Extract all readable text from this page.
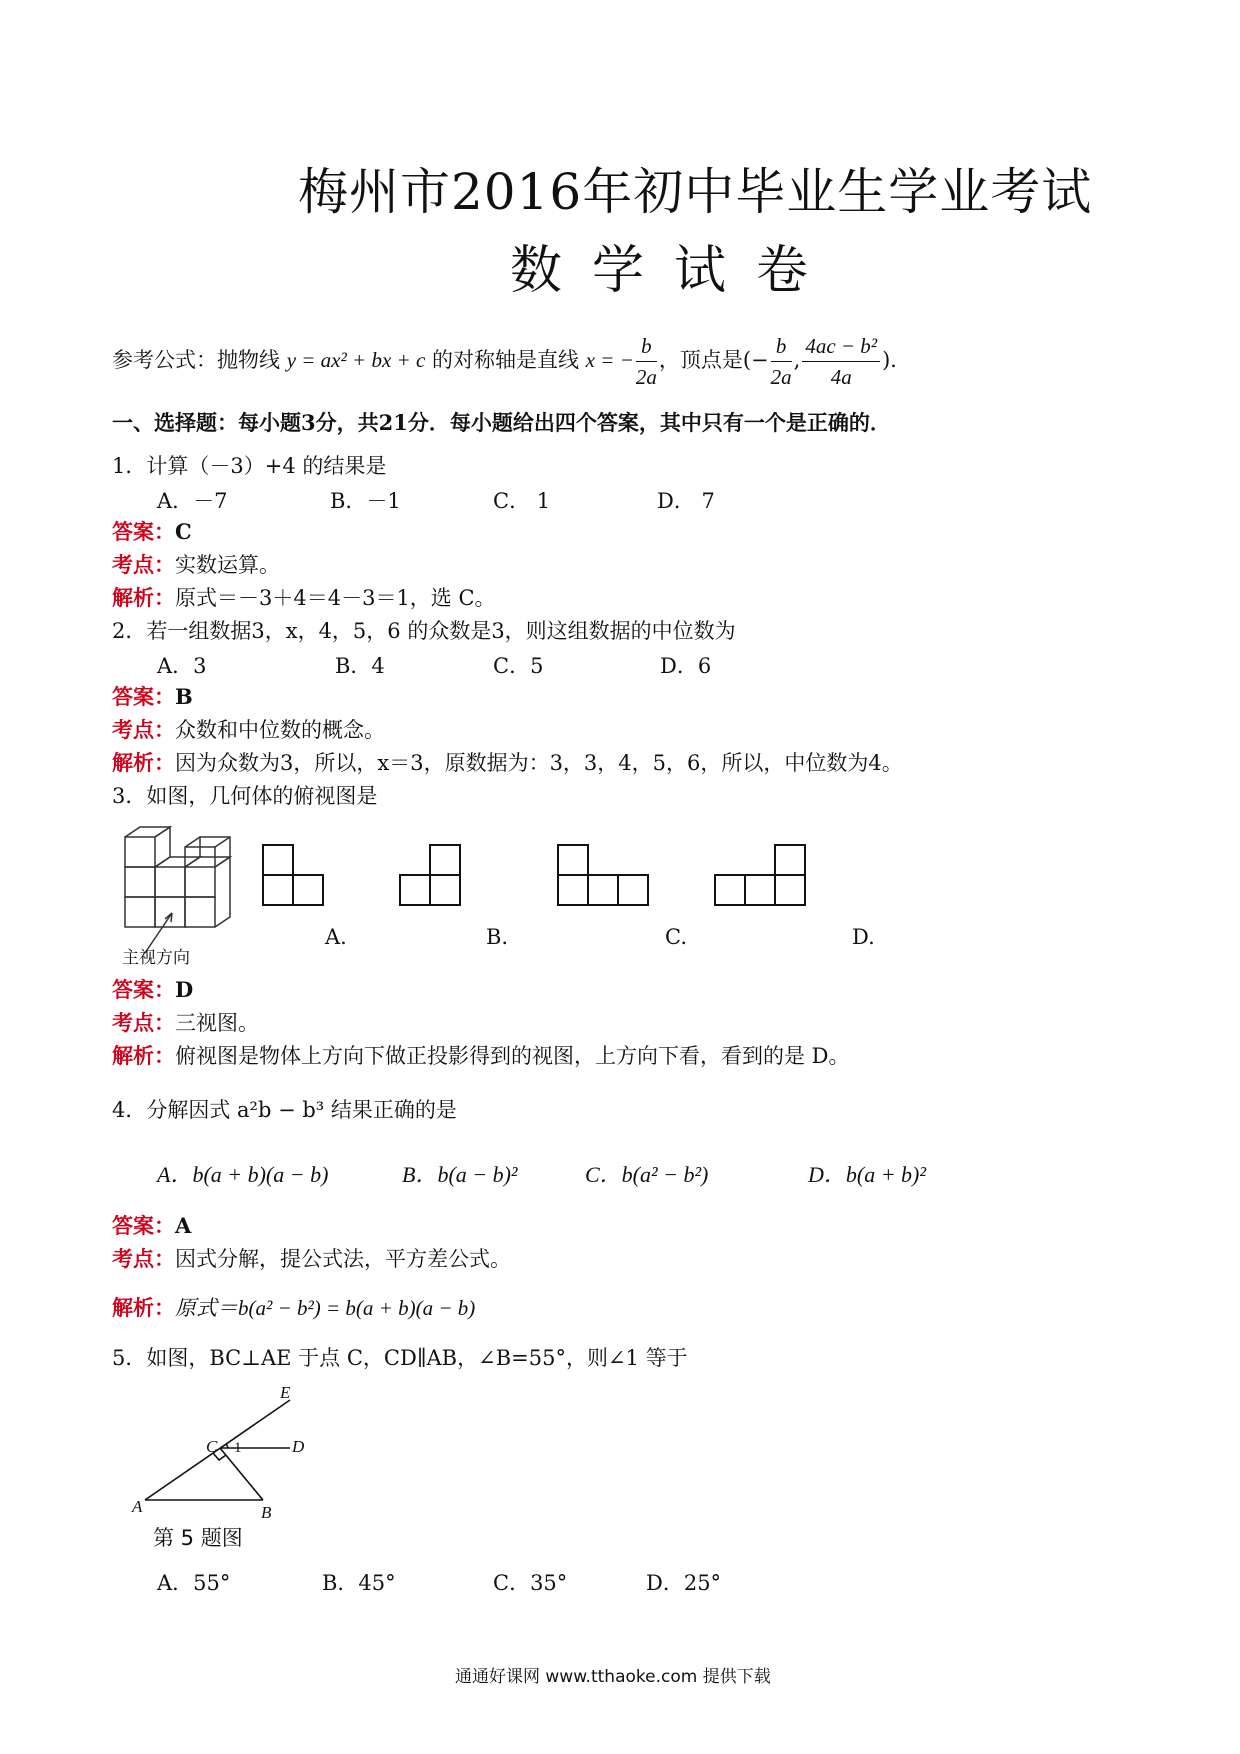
梅州市2016年初中毕业生学业考试
数学试卷
参考公式：抛物线 y = ax² + bx + c 的对称轴是直线 x = − $\frac{b}{2a}$ ，顶点是(− $\frac{b}{2a}$ , $\frac{\text{4ac − b²}}{4a}$ )．
一、选择题：每小题3分，共21分．每小题给出四个答案，其中只有一个是正确的．
1．计算（－3）+4 的结果是
A．－7	B．－1	C． 1	D． 7
答案：C
考点：实数运算。
解析：原式＝－3＋4＝4－3＝1，选 C。
2．若一组数据3，x，4，5，6 的众数是3，则这组数据的中位数为
A．3	B．4	C．5	D．6
答案：B
考点：众数和中位数的概念。
解析：因为众数为3，所以，x＝3，原数据为：3，3，4，5，6，所以，中位数为4。
3．如图，几何体的俯视图是
主视方向
A.	B.	C.	D.
答案：D
考点：三视图。
解析：俯视图是物体上方向下做正投影得到的视图，上方向下看，看到的是 D。
4．分解因式 a²b − b³ 结果正确的是
A．b(a + b)(a − b)	B．b(a − b)²	C．b(a² − b²)	D．b(a + b)²
答案：A
考点：因式分解，提公式法，平方差公式。
解析：原式＝b(a² − b²) = b(a + b)(a − b)
5．如图，BC⊥AE 于点 C，CD∥AB，∠B=55°，则∠1 等于
E
C 1	D
A	B
第 5 题图
A．55°	B．45°	C．35°	D．25°
通通好课网 www.tthaoke.com 提供下载
